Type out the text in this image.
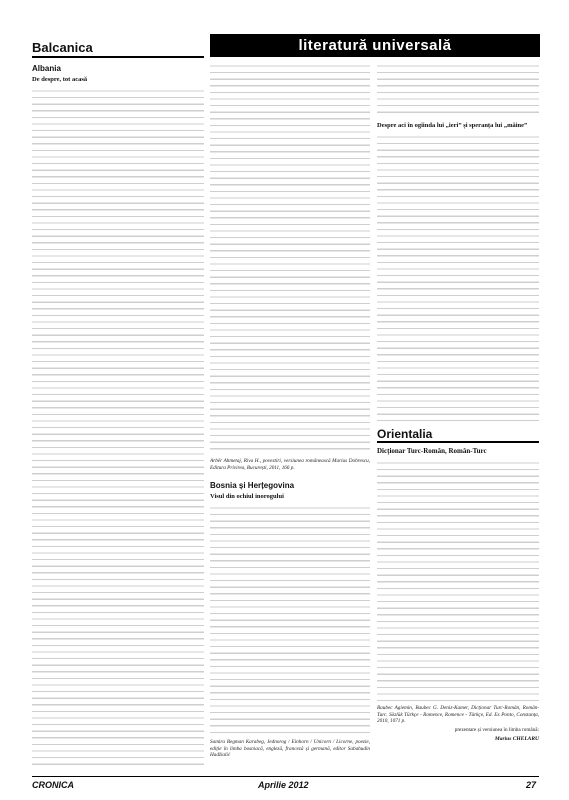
Balcanica
Albania
De despre, tot acasă
literatură universală
Arbër Ahmetaj, Riva H., povestiri, versiunea românească Marius Dobrescu, Editura Privirea, București, 2011, 166 p.
Bosnia și Herțegovina
Visul din ochiul inorogului
Samira Begman Karabeg, Jednorog / Einhorn / Unicorn / Licorne, poezie, ediție în limba bosniacă, engleză, franceză și germană, editor Sabahudin Hadžialić
Despre aci în ogiinda lui „ieri” și speranța lui „mâine”
Orientalia
Dicționar Turc-Român, Român-Turc
Baubec Agiemin, Baubec G. Deniz-Kamer, Dicționar Turc-Român, Român-Turc. Sözlük Türkçe - Romence, Romence - Türkçe, Ed. Ex Ponto, Constanța, 2010, 1071 p.
prezentare și versiunea în limba română:
Marius CHELARU
CRONICA	Aprilie 2012	27
